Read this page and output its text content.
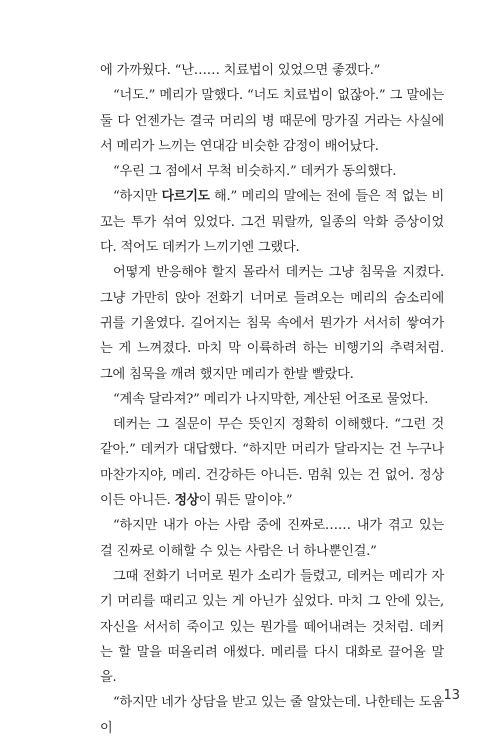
에 가까웠다. “난…… 치료법이 있었으면 좋겠다.”

“너도.” 메리가 말했다. “너도 치료법이 없잖아.” 그 말에는 둘 다 언젠가는 결국 머리의 병 때문에 망가질 거라는 사실에서 메리가 느끼는 연대감 비슷한 감정이 배어났다.

“우린 그 점에서 무척 비슷하지.” 데커가 동의했다.

“하지만 다르기도 해.” 메리의 말에는 전에 들은 적 없는 비꼬는 투가 섞여 있었다. 그건 뭐랄까, 일종의 악화 증상이었다. 적어도 데커가 느끼기엔 그랬다.

어떻게 반응해야 할지 몰라서 데커는 그냥 침묵을 지켰다. 그냥 가만히 앉아 전화기 너머로 들려오는 메리의 숨소리에 귀를 기울였다. 길어지는 침묵 속에서 뭔가가 서서히 쌓여가는 게 느껴졌다. 마치 막 이륙하려 하는 비행기의 추력처럼. 그에 침묵을 깨려 했지만 메리가 한발 빨랐다.

“계속 달라져?” 메리가 나지막한, 계산된 어조로 물었다.

데커는 그 질문이 무슨 뜻인지 정확히 이해했다. “그런 것 같아.” 데커가 대답했다. “하지만 머리가 달라지는 건 누구나 마찬가지야, 메리. 건강하든 아니든. 멈춰 있는 건 없어. 정상이든 아니든. 정상이 뭐든 말이야.”

“하지만 내가 아는 사람 중에 진짜로…… 내가 겪고 있는 걸 진짜로 이해할 수 있는 사람은 너 하나뿐인걸.”

그때 전화기 너머로 뭔가 소리가 들렸고, 데커는 메리가 자기 머리를 때리고 있는 게 아닌가 싶었다. 마치 그 안에 있는, 자신을 서서히 죽이고 있는 뭔가를 떼어내려는 것처럼. 데커는 할 말을 떠올리려 애썼다. 메리를 다시 대화로 끌어올 말을.

“하지만 네가 상담을 받고 있는 줄 알았는데. 나한테는 도움이

13
